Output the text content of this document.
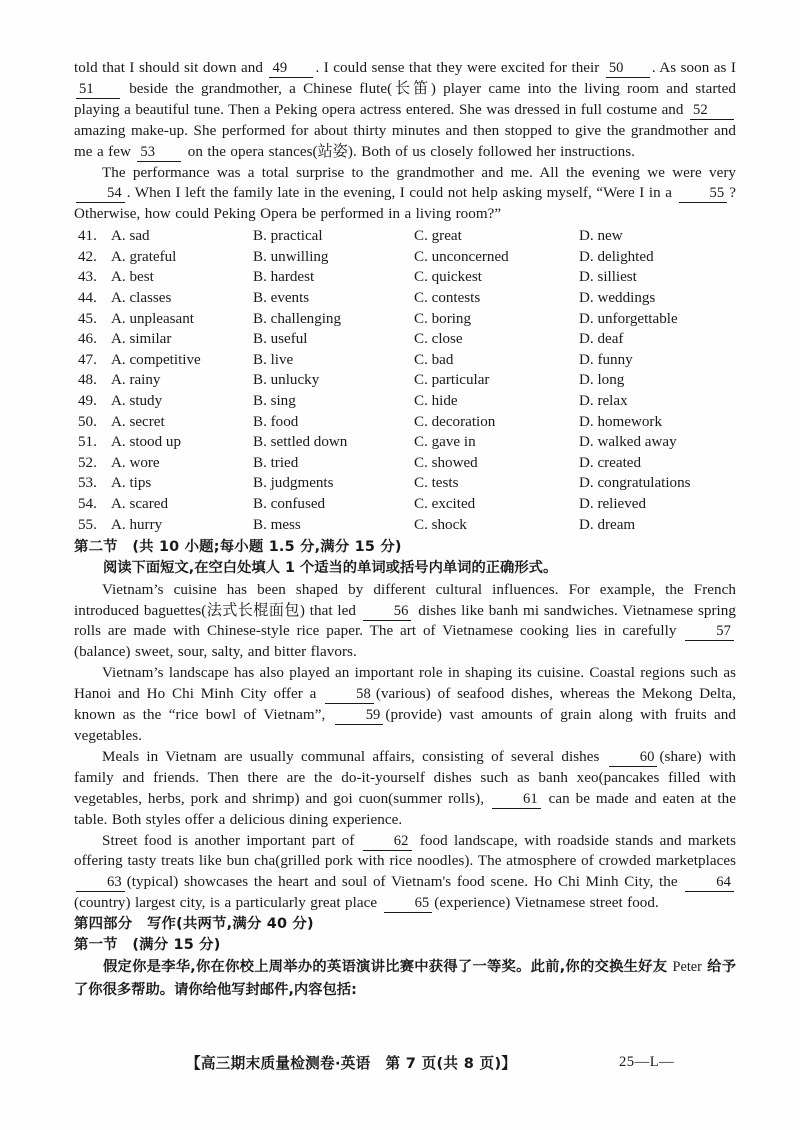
told that I should sit down and 49 . I could sense that they were excited for their 50 . As soon as I 51 beside the grandmother, a Chinese flute(长笛) player came into the living room and started playing a beautiful tune. Then a Peking opera actress entered. She was dressed in full costume and 52 amazing make-up. She performed for about thirty minutes and then stopped to give the grandmother and me a few 53 on the opera stances(站姿). Both of us closely followed her instructions.

The performance was a total surprise to the grandmother and me. All the evening we were very 54 . When I left the family late in the evening, I could not help asking myself, “Were I in a 55 ? Otherwise, how could Peking Opera be performed in a living room?”

41. A. sad	B. practical	C. great	D. new
42. A. grateful	B. unwilling	C. unconcerned	D. delighted
43. A. best	B. hardest	C. quickest	D. silliest
44. A. classes	B. events	C. contests	D. weddings
45. A. unpleasant	B. challenging	C. boring	D. unforgettable
46. A. similar	B. useful	C. close	D. deaf
47. A. competitive	B. live	C. bad	D. funny
48. A. rainy	B. unlucky	C. particular	D. long
49. A. study	B. sing	C. hide	D. relax
50. A. secret	B. food	C. decoration	D. homework
51. A. stood up	B. settled down	C. gave in	D. walked away
52. A. wore	B. tried	C. showed	D. created
53. A. tips	B. judgments	C. tests	D. congratulations
54. A. scared	B. confused	C. excited	D. relieved
55. A. hurry	B. mess	C. shock	D. dream

第二节　(共 10 小题;每小题 1.5 分,满分 15 分)

阅读下面短文,在空白处填人 1 个适当的单词或括号内单词的正确形式。

Vietnam’s cuisine has been shaped by different cultural influences. For example, the French introduced baguettes(法式长棍面包) that led 56 dishes like banh mi sandwiches. Vietnamese spring rolls are made with Chinese-style rice paper. The art of Vietnamese cooking lies in carefully 57(balance) sweet, sour, salty, and bitter flavors.

Vietnam’s landscape has also played an important role in shaping its cuisine. Coastal regions such as Hanoi and Ho Chi Minh City offer a 58 (various) of seafood dishes, whereas the Mekong Delta, known as the “rice bowl of Vietnam”, 59 (provide) vast amounts of grain along with fruits and vegetables.

Meals in Vietnam are usually communal affairs, consisting of several dishes 60 (share) with family and friends. Then there are the do-it-yourself dishes such as banh xeo(pancakes filled with vegetables, herbs, pork and shrimp) and goi cuon(summer rolls), 61 can be made and eaten at the table. Both styles offer a delicious dining experience.

Street food is another important part of 62 food landscape, with roadside stands and markets offering tasty treats like bun cha(grilled pork with rice noodles). The atmosphere of crowded marketplaces 63 (typical) showcases the heart and soul of Vietnam's food scene. Ho Chi Minh City, the 64(country) largest city, is a particularly great place 65 (experience) Vietnamese street food.

第四部分　写作(共两节,满分 40 分)

第一节　(满分 15 分)

假定你是李华,你在你校上周举办的英语演讲比赛中获得了一等奖。此前,你的交换生好友 Peter 给予了你很多帮助。请你给他写封邮件,内容包括:

【高三期末质量检测卷·英语　第 7 页(共 8 页)】	25—L—
